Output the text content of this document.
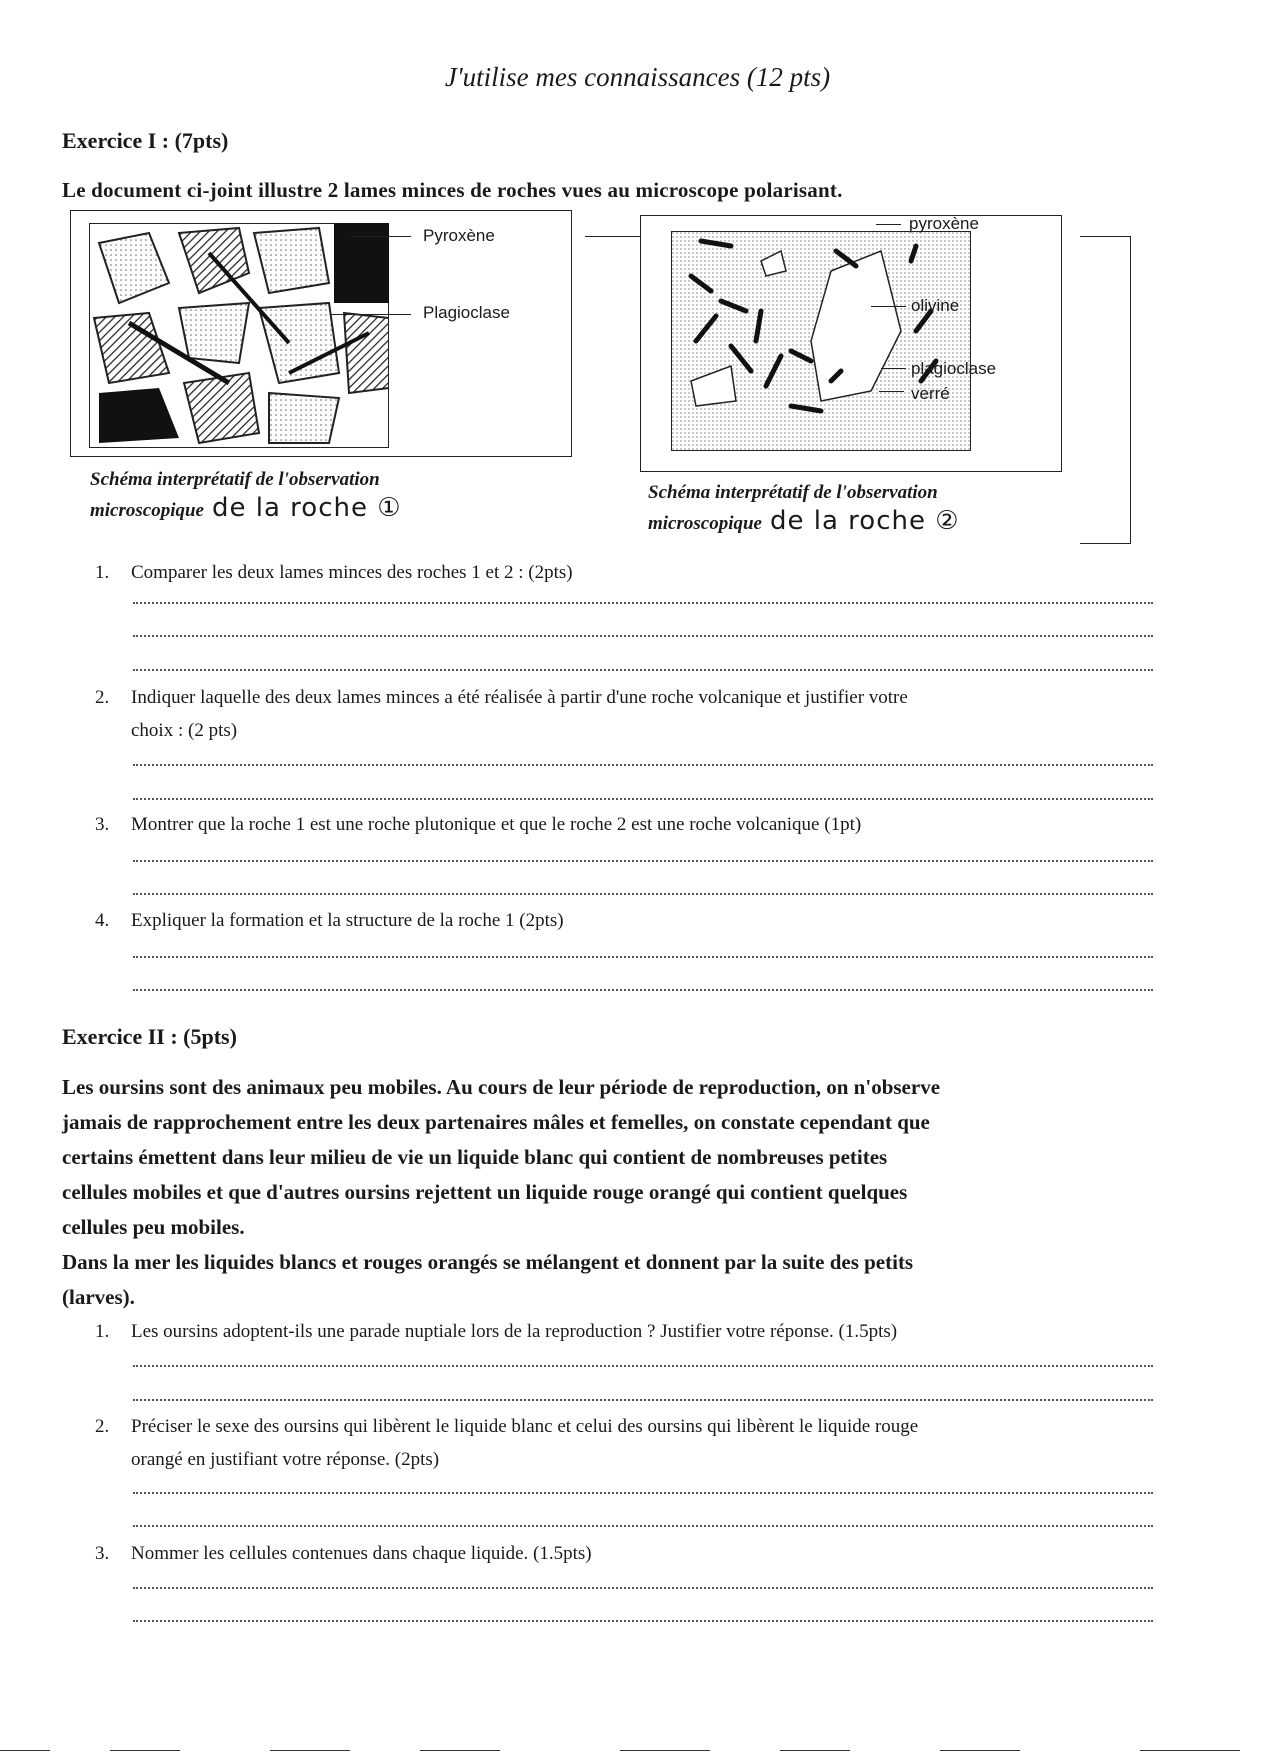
J'utilise mes connaissances (12 pts)
Exercice I : (7pts)
Le document ci-joint illustre 2 lames minces de roches vues au microscope polarisant.
Pyroxène
Plagioclase
pyroxène
olivine
plagioclase
verré
Schéma interprétatif de l'observation
microscopique de la roche ①
Schéma interprétatif de l'observation
microscopique de la roche ②
1. Comparer les deux lames minces des roches 1 et 2 : (2pts)
2. Indiquer laquelle des deux lames minces a été réalisée à partir d'une roche volcanique et justifier votre
choix : (2 pts)
3. Montrer que la roche 1 est une roche plutonique et que le roche 2 est une roche volcanique (1pt)
4. Expliquer la formation et la structure de la roche 1 (2pts)
Exercice II : (5pts)
Les oursins sont des animaux peu mobiles. Au cours de leur période de reproduction, on n'observe
jamais de rapprochement entre les deux partenaires mâles et femelles, on constate cependant que
certains émettent dans leur milieu de vie un liquide blanc qui contient de nombreuses petites
cellules mobiles et que d'autres oursins rejettent un liquide rouge orangé qui contient quelques
cellules peu mobiles.
Dans la mer les liquides blancs et rouges orangés se mélangent et donnent par la suite des petits
(larves).
1. Les oursins adoptent-ils une parade nuptiale lors de la reproduction ? Justifier votre réponse. (1.5pts)
2. Préciser le sexe des oursins qui libèrent le liquide blanc et celui des oursins qui libèrent le liquide rouge
orangé en justifiant votre réponse. (2pts)
3. Nommer les cellules contenues dans chaque liquide. (1.5pts)
